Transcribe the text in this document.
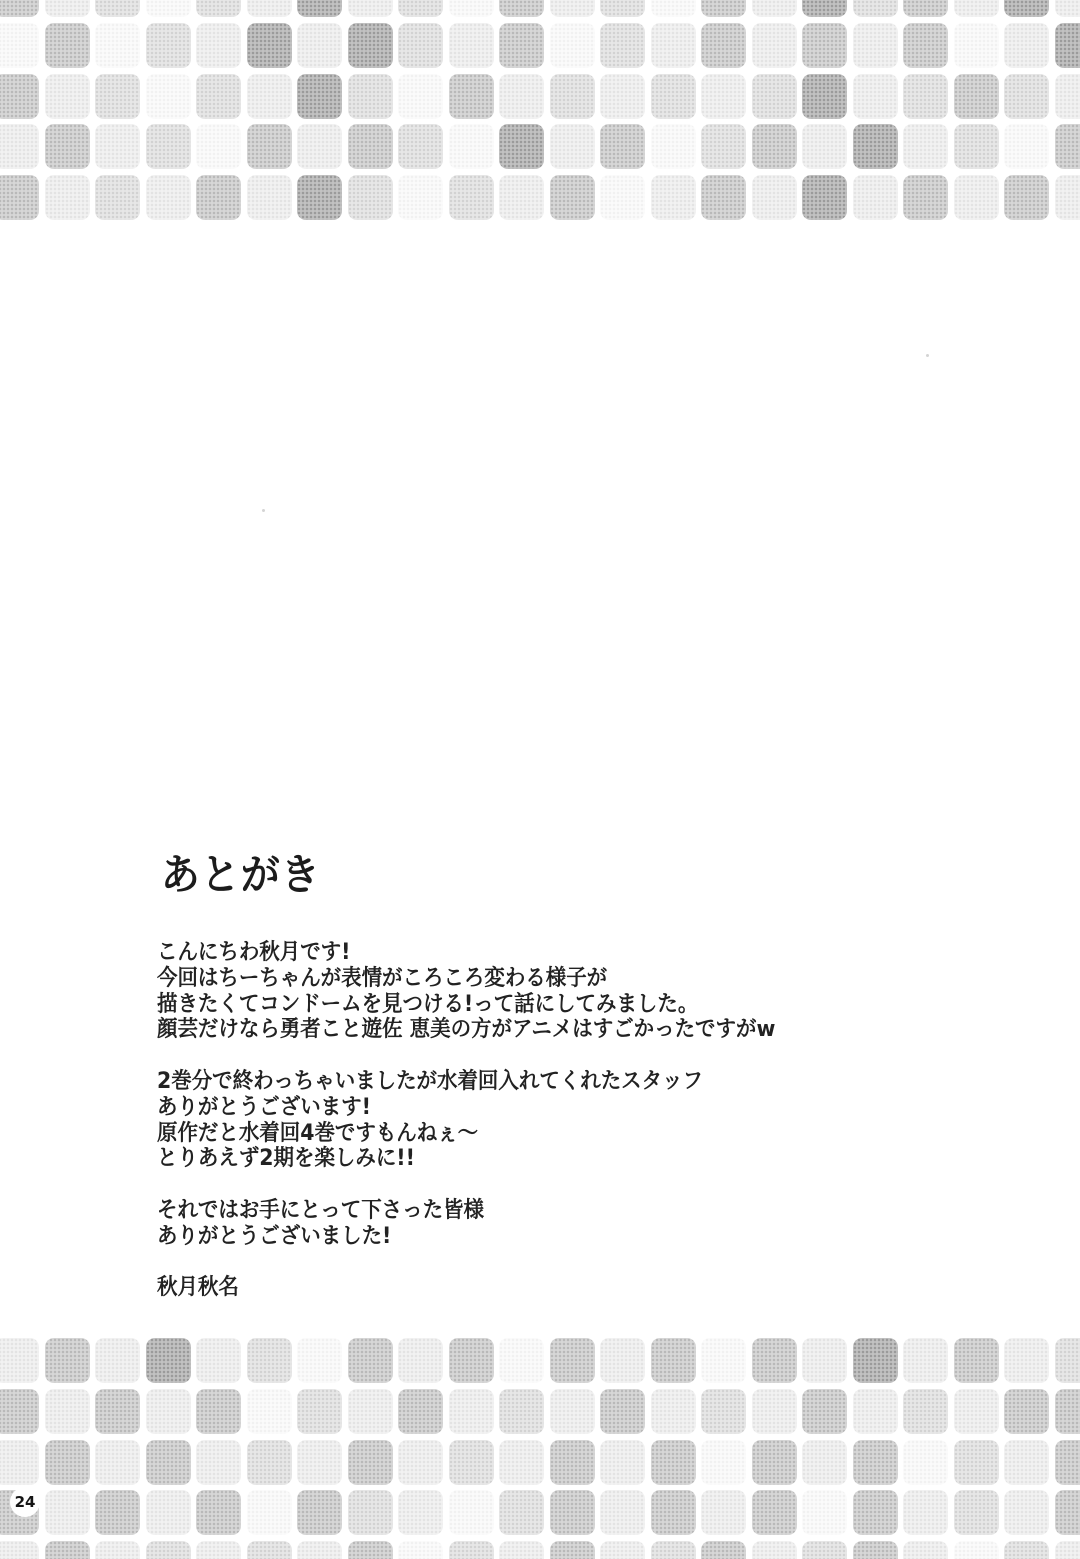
あとがき
こんにちわ秋月です!
今回はちーちゃんが表情がころころ変わる様子が
描きたくてコンドームを見つける!って話にしてみました。
顔芸だけなら勇者こと遊佐 恵美の方がアニメはすごかったですがw
2巻分で終わっちゃいましたが水着回入れてくれたスタッフ
ありがとうございます!
原作だと水着回4巻ですもんねぇ～
とりあえず2期を楽しみに!!
それではお手にとって下さった皆様
ありがとうございました!
秋月秋名
24
